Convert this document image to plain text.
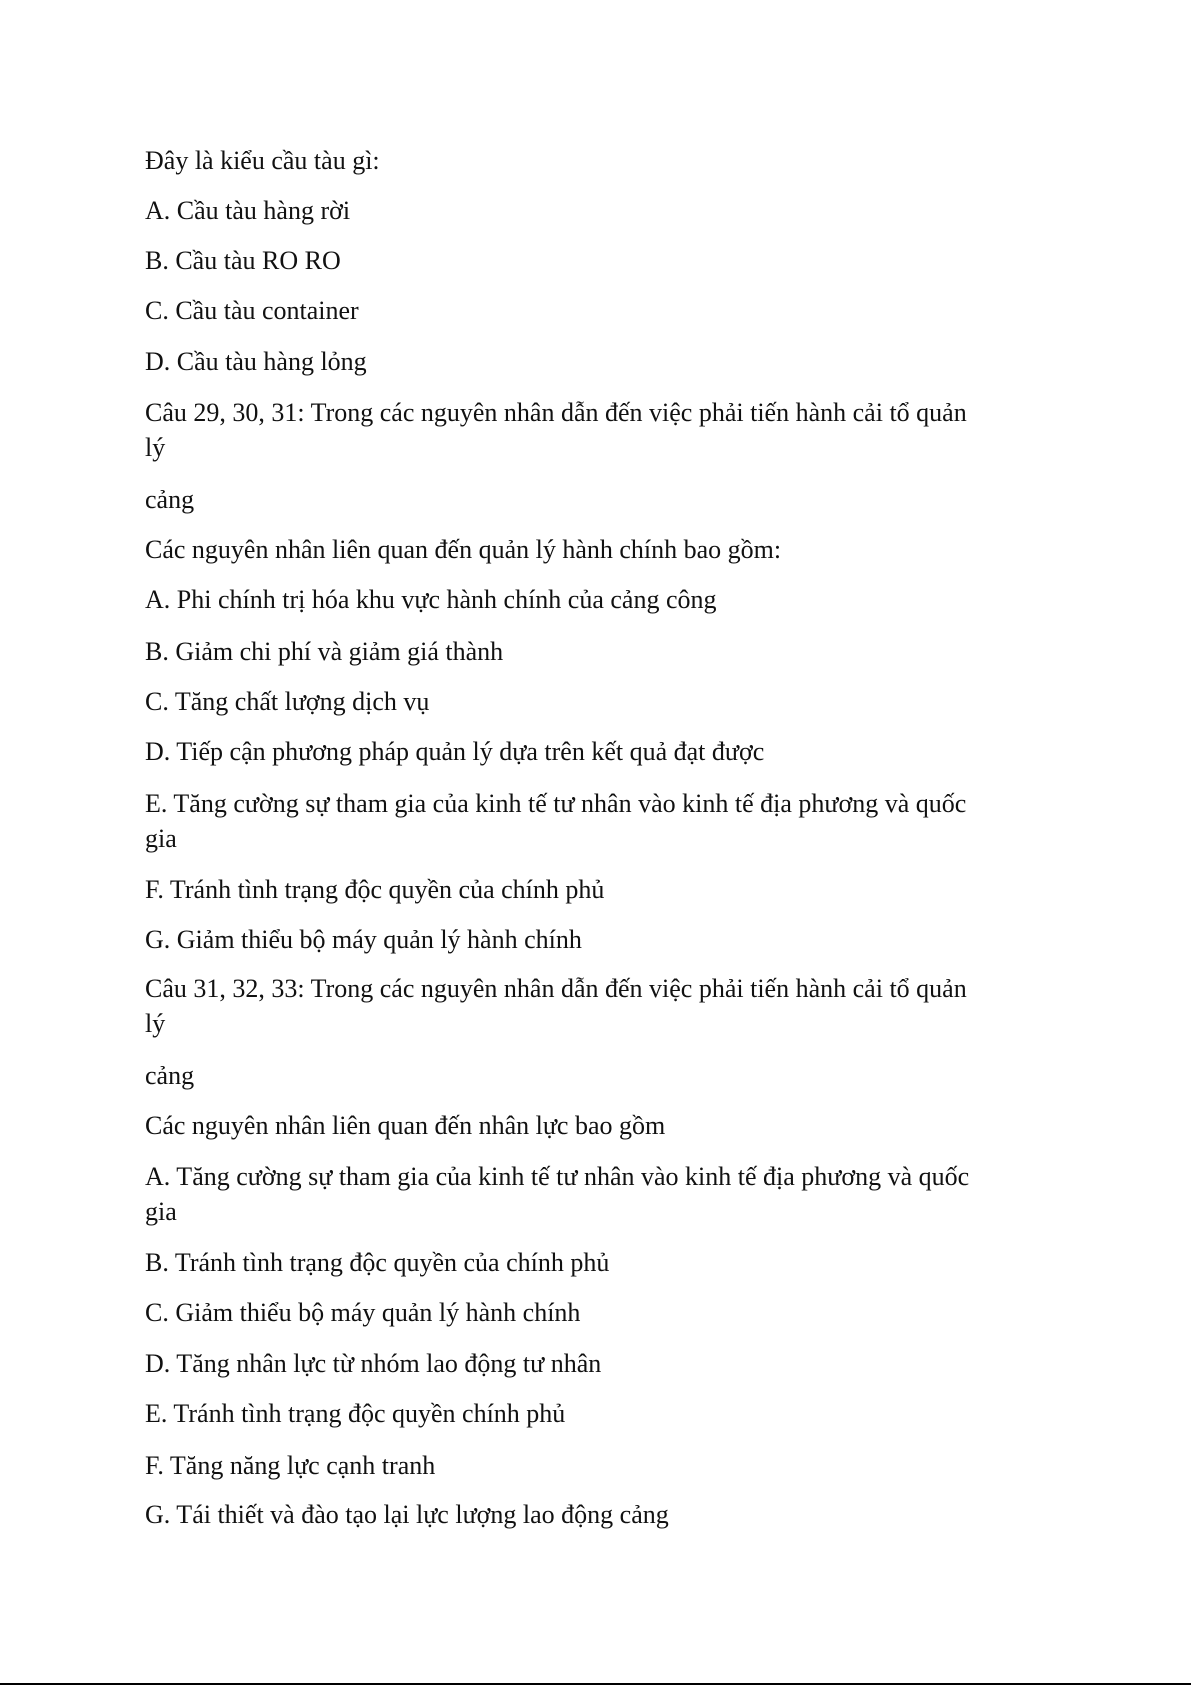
Đây là kiểu cầu tàu gì:
A. Cầu tàu hàng rời
B. Cầu tàu RO RO
C. Cầu tàu container
D. Cầu tàu hàng lỏng
Câu 29, 30, 31: Trong các nguyên nhân dẫn đến việc phải tiến hành cải tổ quản
lý
cảng
Các nguyên nhân liên quan đến quản lý hành chính bao gồm:
A. Phi chính trị hóa khu vực hành chính của cảng công
B. Giảm chi phí và giảm giá thành
C. Tăng chất lượng dịch vụ
D. Tiếp cận phương pháp quản lý dựa trên kết quả đạt được
E. Tăng cường sự tham gia của kinh tế tư nhân vào kinh tế địa phương và quốc
gia
F. Tránh tình trạng độc quyền của chính phủ
G. Giảm thiểu bộ máy quản lý hành chính
Câu 31, 32, 33: Trong các nguyên nhân dẫn đến việc phải tiến hành cải tổ quản
lý
cảng
Các nguyên nhân liên quan đến nhân lực bao gồm
A. Tăng cường sự tham gia của kinh tế tư nhân vào kinh tế địa phương và quốc
gia
B. Tránh tình trạng độc quyền của chính phủ
C. Giảm thiểu bộ máy quản lý hành chính
D. Tăng nhân lực từ nhóm lao động tư nhân
E. Tránh tình trạng độc quyền chính phủ
F. Tăng năng lực cạnh tranh
G. Tái thiết và đào tạo lại lực lượng lao động cảng
